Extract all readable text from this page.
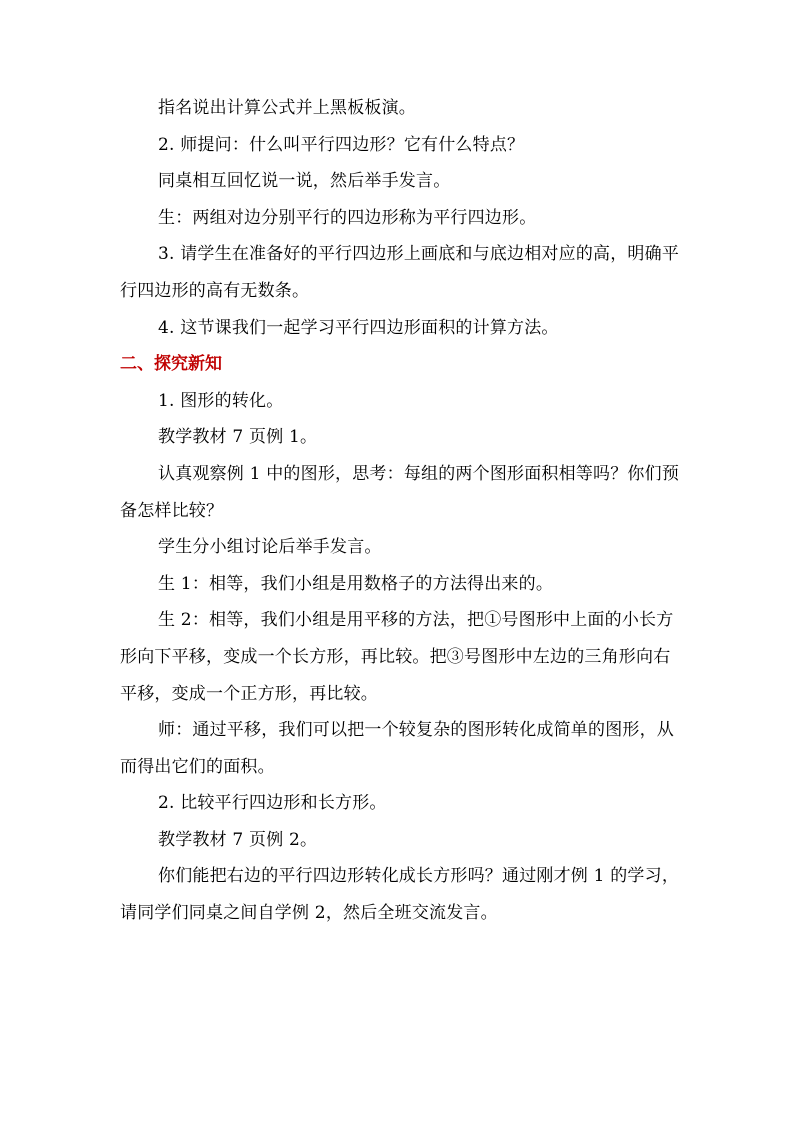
指名说出计算公式并上黑板板演。

2. 师提问：什么叫平行四边形？它有什么特点？

同桌相互回忆说一说，然后举手发言。

生：两组对边分别平行的四边形称为平行四边形。

3. 请学生在准备好的平行四边形上画底和与底边相对应的高，明确平行四边形的高有无数条。

4. 这节课我们一起学习平行四边形面积的计算方法。

二、探究新知

1. 图形的转化。

教学教材 7 页例 1。

认真观察例 1 中的图形，思考：每组的两个图形面积相等吗？你们预备怎样比较？

学生分小组讨论后举手发言。

生 1：相等，我们小组是用数格子的方法得出来的。

生 2：相等，我们小组是用平移的方法，把①号图形中上面的小长方形向下平移，变成一个长方形，再比较。把③号图形中左边的三角形向右平移，变成一个正方形，再比较。

师：通过平移，我们可以把一个较复杂的图形转化成简单的图形，从而得出它们的面积。

2. 比较平行四边形和长方形。

教学教材 7 页例 2。

你们能把右边的平行四边形转化成长方形吗？通过刚才例 1 的学习，请同学们同桌之间自学例 2，然后全班交流发言。
